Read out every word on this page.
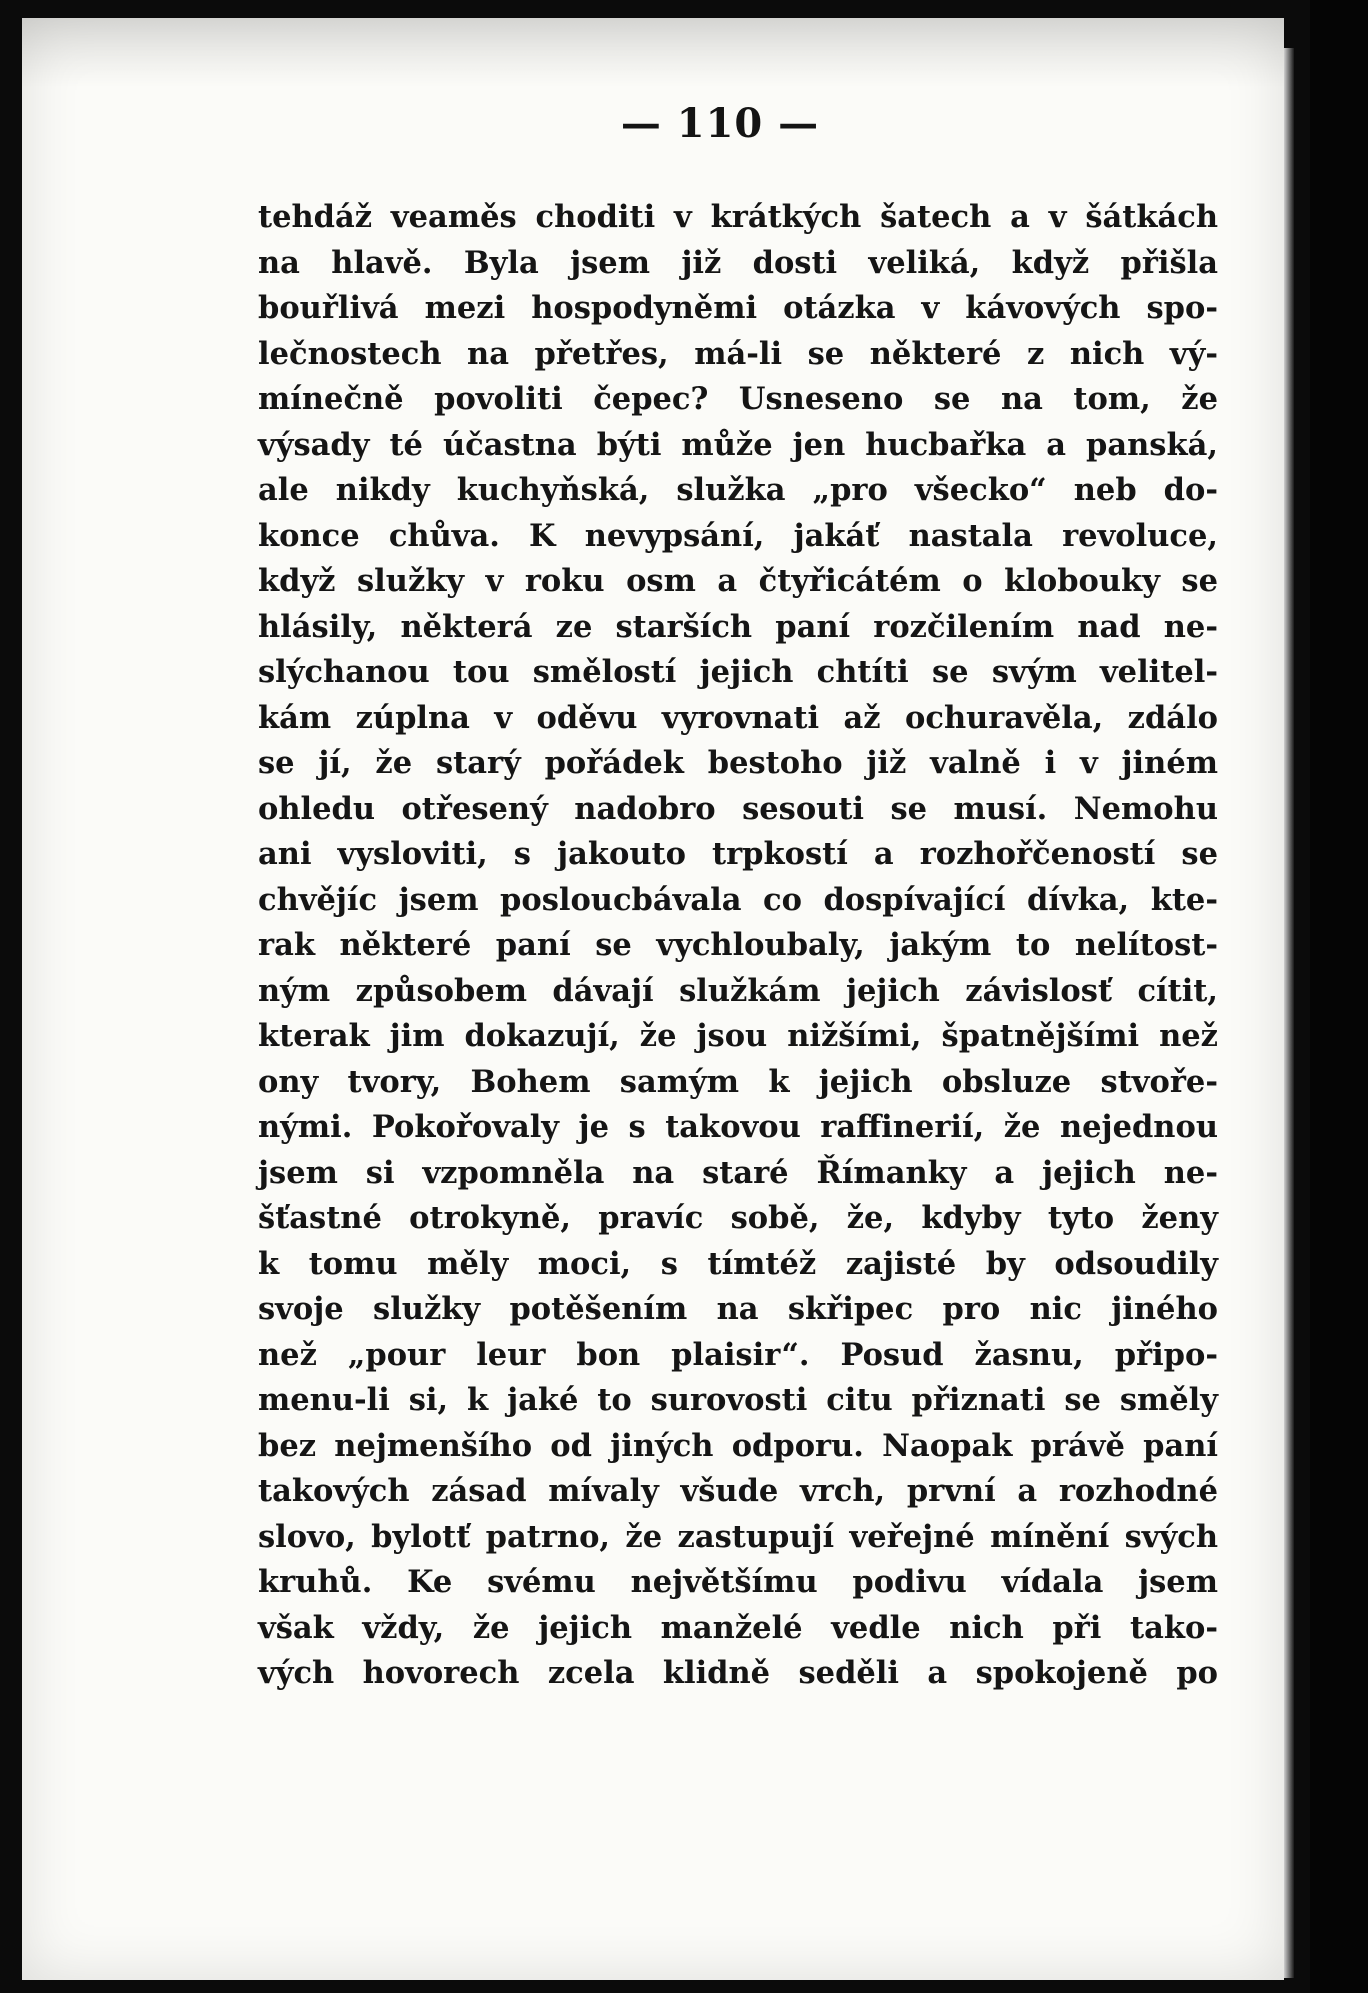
— 110 —
tehdáž veaměs choditi v krátkých šatech a v šátkách
na hlavě. Byla jsem již dosti veliká, když přišla
bouřlivá mezi hospodyněmi otázka v kávových spo-
lečnostech na přetřes, má-li se některé z nich vý-
mínečně povoliti čepec? Usneseno se na tom, že
výsady té účastna býti může jen hucbařka a panská,
ale nikdy kuchyňská, služka „pro všecko“ neb do-
konce chůva. K nevypsání, jakáť nastala revoluce,
když služky v roku osm a čtyřicátém o klobouky se
hlásily, některá ze starších paní rozčilením nad ne-
slýchanou tou smělostí jejich chtíti se svým velitel-
kám zúplna v oděvu vyrovnati až ochuravěla, zdálo
se jí, že starý pořádek bestoho již valně i v jiném
ohledu otřesený nadobro sesouti se musí. Nemohu
ani vysloviti, s jakouto trpkostí a rozhořčeností se
chvějíc jsem posloucbávala co dospívající dívka, kte-
rak některé paní se vychloubaly, jakým to nelítost-
ným způsobem dávají služkám jejich závislosť cítit,
kterak jim dokazují, že jsou nižšími, špatnějšími než
ony tvory, Bohem samým k jejich obsluze stvoře-
nými. Pokořovaly je s takovou raffinerií, že nejednou
jsem si vzpomněla na staré Římanky a jejich ne-
šťastné otrokyně, pravíc sobě, že, kdyby tyto ženy
k tomu měly moci, s tímtéž zajisté by odsoudily
svoje služky potěšením na skřipec pro nic jiného
než „pour leur bon plaisir“. Posud žasnu, připo-
menu-li si, k jaké to surovosti citu přiznati se směly
bez nejmenšího od jiných odporu. Naopak právě paní
takových zásad mívaly všude vrch, první a rozhodné
slovo, bylotť patrno, že zastupují veřejné mínění svých
kruhů. Ke svému největšímu podivu vídala jsem
však vždy, že jejich manželé vedle nich při tako-
vých hovorech zcela klidně seděli a spokojeně po
